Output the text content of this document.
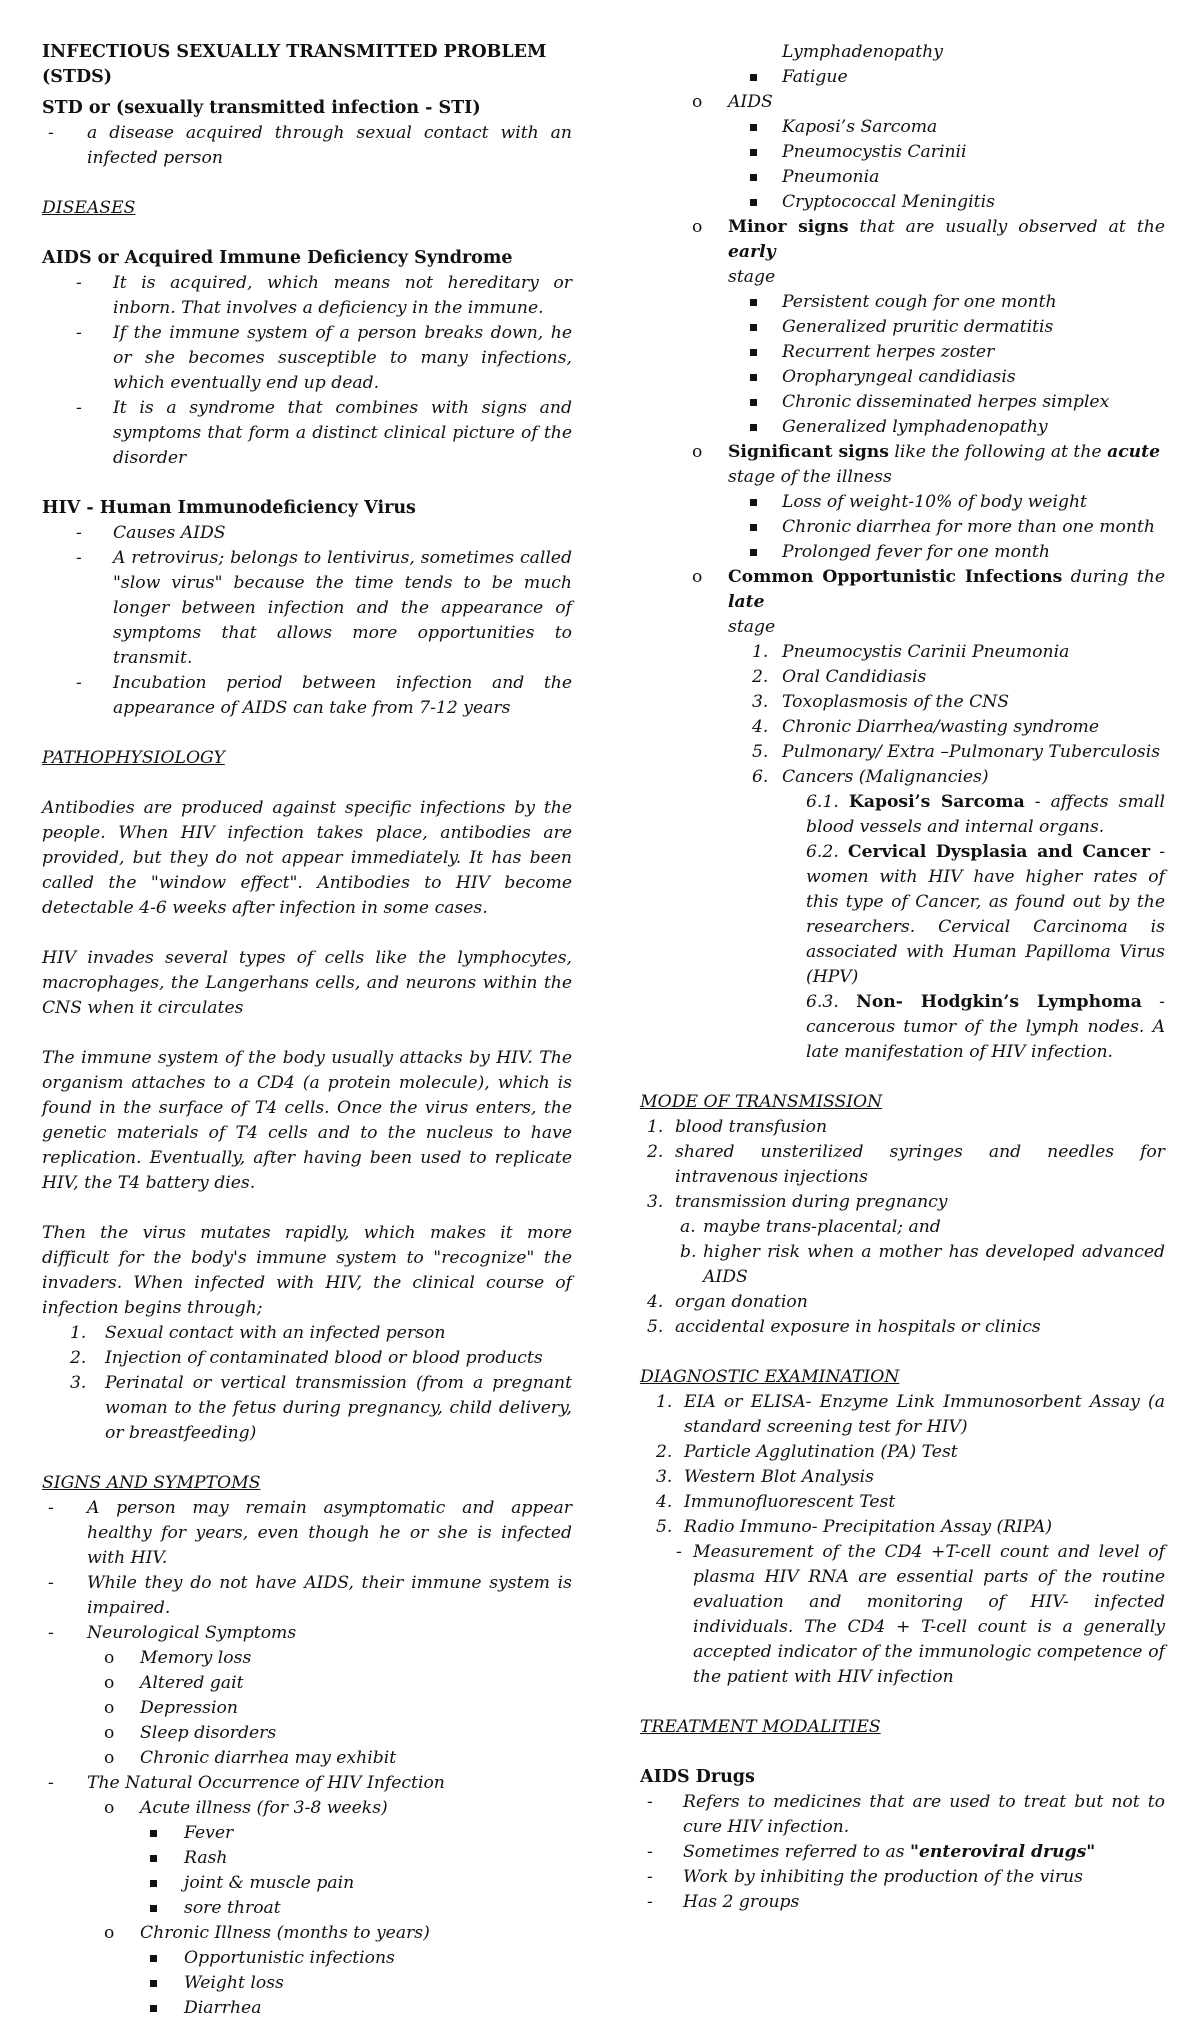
INFECTIOUS SEXUALLY TRANSMITTED PROBLEM (STDS)
STD or (sexually transmitted infection - STI)
- a disease acquired through sexual contact with an infected person
DISEASES
AIDS or Acquired Immune Deficiency Syndrome
- It is acquired, which means not hereditary or inborn. That involves a deficiency in the immune.
- If the immune system of a person breaks down, he or she becomes susceptible to many infections, which eventually end up dead.
- It is a syndrome that combines with signs and symptoms that form a distinct clinical picture of the disorder
HIV - Human Immunodeficiency Virus
- Causes AIDS
- A retrovirus; belongs to lentivirus, sometimes called "slow virus" because the time tends to be much longer between infection and the appearance of symptoms that allows more opportunities to transmit.
- Incubation period between infection and the appearance of AIDS can take from 7-12 years
PATHOPHYSIOLOGY
Antibodies are produced against specific infections by the people. When HIV infection takes place, antibodies are provided, but they do not appear immediately. It has been called the "window effect". Antibodies to HIV become detectable 4-6 weeks after infection in some cases.
HIV invades several types of cells like the lymphocytes, macrophages, the Langerhans cells, and neurons within the CNS when it circulates
The immune system of the body usually attacks by HIV. The organism attaches to a CD4 (a protein molecule), which is found in the surface of T4 cells. Once the virus enters, the genetic materials of T4 cells and to the nucleus to have replication. Eventually, after having been used to replicate HIV, the T4 battery dies.
Then the virus mutates rapidly, which makes it more difficult for the body's immune system to "recognize" the invaders. When infected with HIV, the clinical course of infection begins through;
1. Sexual contact with an infected person
2. Injection of contaminated blood or blood products
3. Perinatal or vertical transmission (from a pregnant woman to the fetus during pregnancy, child delivery, or breastfeeding)
SIGNS AND SYMPTOMS
- A person may remain asymptomatic and appear healthy for years, even though he or she is infected with HIV.
- While they do not have AIDS, their immune system is impaired.
- Neurological Symptoms
o Memory loss
o Altered gait
o Depression
o Sleep disorders
o Chronic diarrhea may exhibit
- The Natural Occurrence of HIV Infection
o Acute illness (for 3-8 weeks)
Fever
Rash
joint & muscle pain
sore throat
o Chronic Illness (months to years)
Opportunistic infections
Weight loss
Diarrhea
Lymphadenopathy
Fatigue
o AIDS
Kaposi’s Sarcoma
Pneumocystis Carinii
Pneumonia
Cryptococcal Meningitis
o Minor signs that are usually observed at the early
stage
Persistent cough for one month
Generalized pruritic dermatitis
Recurrent herpes zoster
Oropharyngeal candidiasis
Chronic disseminated herpes simplex
Generalized lymphadenopathy
o Significant signs like the following at the acute
stage of the illness
Loss of weight-10% of body weight
Chronic diarrhea for more than one month
Prolonged fever for one month
o Common Opportunistic Infections during the late
stage
1. Pneumocystis Carinii Pneumonia
2. Oral Candidiasis
3. Toxoplasmosis of the CNS
4. Chronic Diarrhea/wasting syndrome
5. Pulmonary/ Extra –Pulmonary Tuberculosis
6. Cancers (Malignancies)
6.1. Kaposi’s Sarcoma - affects small blood vessels and internal organs.
6.2. Cervical Dysplasia and Cancer - women with HIV have higher rates of this type of Cancer, as found out by the researchers. Cervical Carcinoma is associated with Human Papilloma Virus (HPV)
6.3. Non- Hodgkin’s Lymphoma - cancerous tumor of the lymph nodes. A late manifestation of HIV infection.
MODE OF TRANSMISSION
1. blood transfusion
2. shared unsterilized syringes and needles for intravenous injections
3. transmission during pregnancy
a. maybe trans-placental; and
b. higher risk when a mother has developed advanced AIDS
4. organ donation
5. accidental exposure in hospitals or clinics
DIAGNOSTIC EXAMINATION
1. EIA or ELISA- Enzyme Link Immunosorbent Assay (a standard screening test for HIV)
2. Particle Agglutination (PA) Test
3. Western Blot Analysis
4. Immunofluorescent Test
5. Radio Immuno- Precipitation Assay (RIPA)
- Measurement of the CD4 +T-cell count and level of plasma HIV RNA are essential parts of the routine evaluation and monitoring of HIV- infected individuals. The CD4 + T-cell count is a generally accepted indicator of the immunologic competence of the patient with HIV infection
TREATMENT MODALITIES
AIDS Drugs
- Refers to medicines that are used to treat but not to cure HIV infection.
- Sometimes referred to as "enteroviral drugs"
- Work by inhibiting the production of the virus
- Has 2 groups
